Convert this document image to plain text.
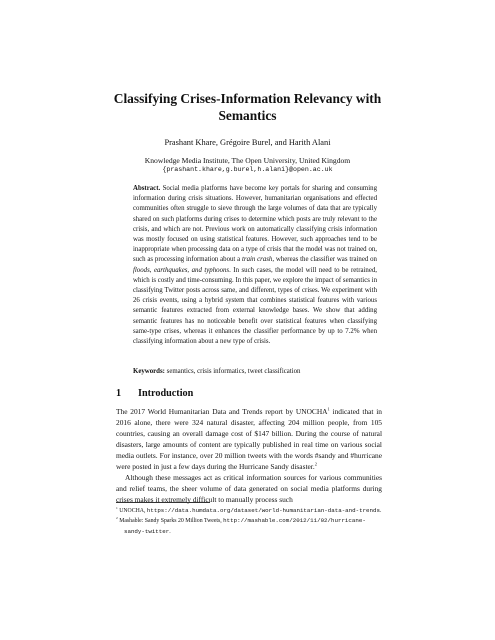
Classifying Crises-Information Relevancy with
Semantics
Prashant Khare, Grégoire Burel, and Harith Alani
Knowledge Media Institute, The Open University, United Kingdom
{prashant.khare,g.burel,h.alani}@open.ac.uk

Abstract. Social media platforms have become key portals for sharing and consuming information during crisis situations. However, humanitarian organisations and effected communities often struggle to sieve through the large volumes of data that are typically shared on such platforms during crises to determine which posts are truly relevant to the crisis, and which are not. Previous work on automatically classifying crisis information was mostly focused on using statistical features. However, such approaches tend to be inappropriate when processing data on a type of crisis that the model was not trained on, such as processing information about a train crash, whereas the classifier was trained on floods, earthquakes, and typhoons. In such cases, the model will need to be retrained, which is costly and time-consuming. In this paper, we explore the impact of semantics in classifying Twitter posts across same, and different, types of crises. We experiment with 26 crisis events, using a hybrid system that combines statistical features with various semantic features extracted from external knowledge bases. We show that adding semantic features has no noticeable benefit over statistical features when classifying same-type crises, whereas it enhances the classifier performance by up to 7.2% when classifying information about a new type of crisis.

Keywords: semantics, crisis informatics, tweet classification

1 Introduction

The 2017 World Humanitarian Data and Trends report by UNOCHA$^1$ indicated that in 2016 alone, there were 324 natural disaster, affecting 204 million people, from 105 countries, causing an overall damage cost of $147 billion. During the course of natural disasters, large amounts of content are typically published in real time on various social media outlets. For instance, over 20 million tweets with the words #sandy and #hurricane were posted in just a few days during the Hurricane Sandy disaster.$^2$

Although these messages act as critical information sources for various communities and relief teams, the sheer volume of data generated on social media platforms during crises makes it extremely difficult to manually process such

$^1$ UNOCHA, https://data.humdata.org/dataset/world-humanitarian-data-and-trends.
$^2$ Mashable: Sandy Sparks 20 Million Tweets, http://mashable.com/2012/11/02/hurricane-sandy-twitter.
